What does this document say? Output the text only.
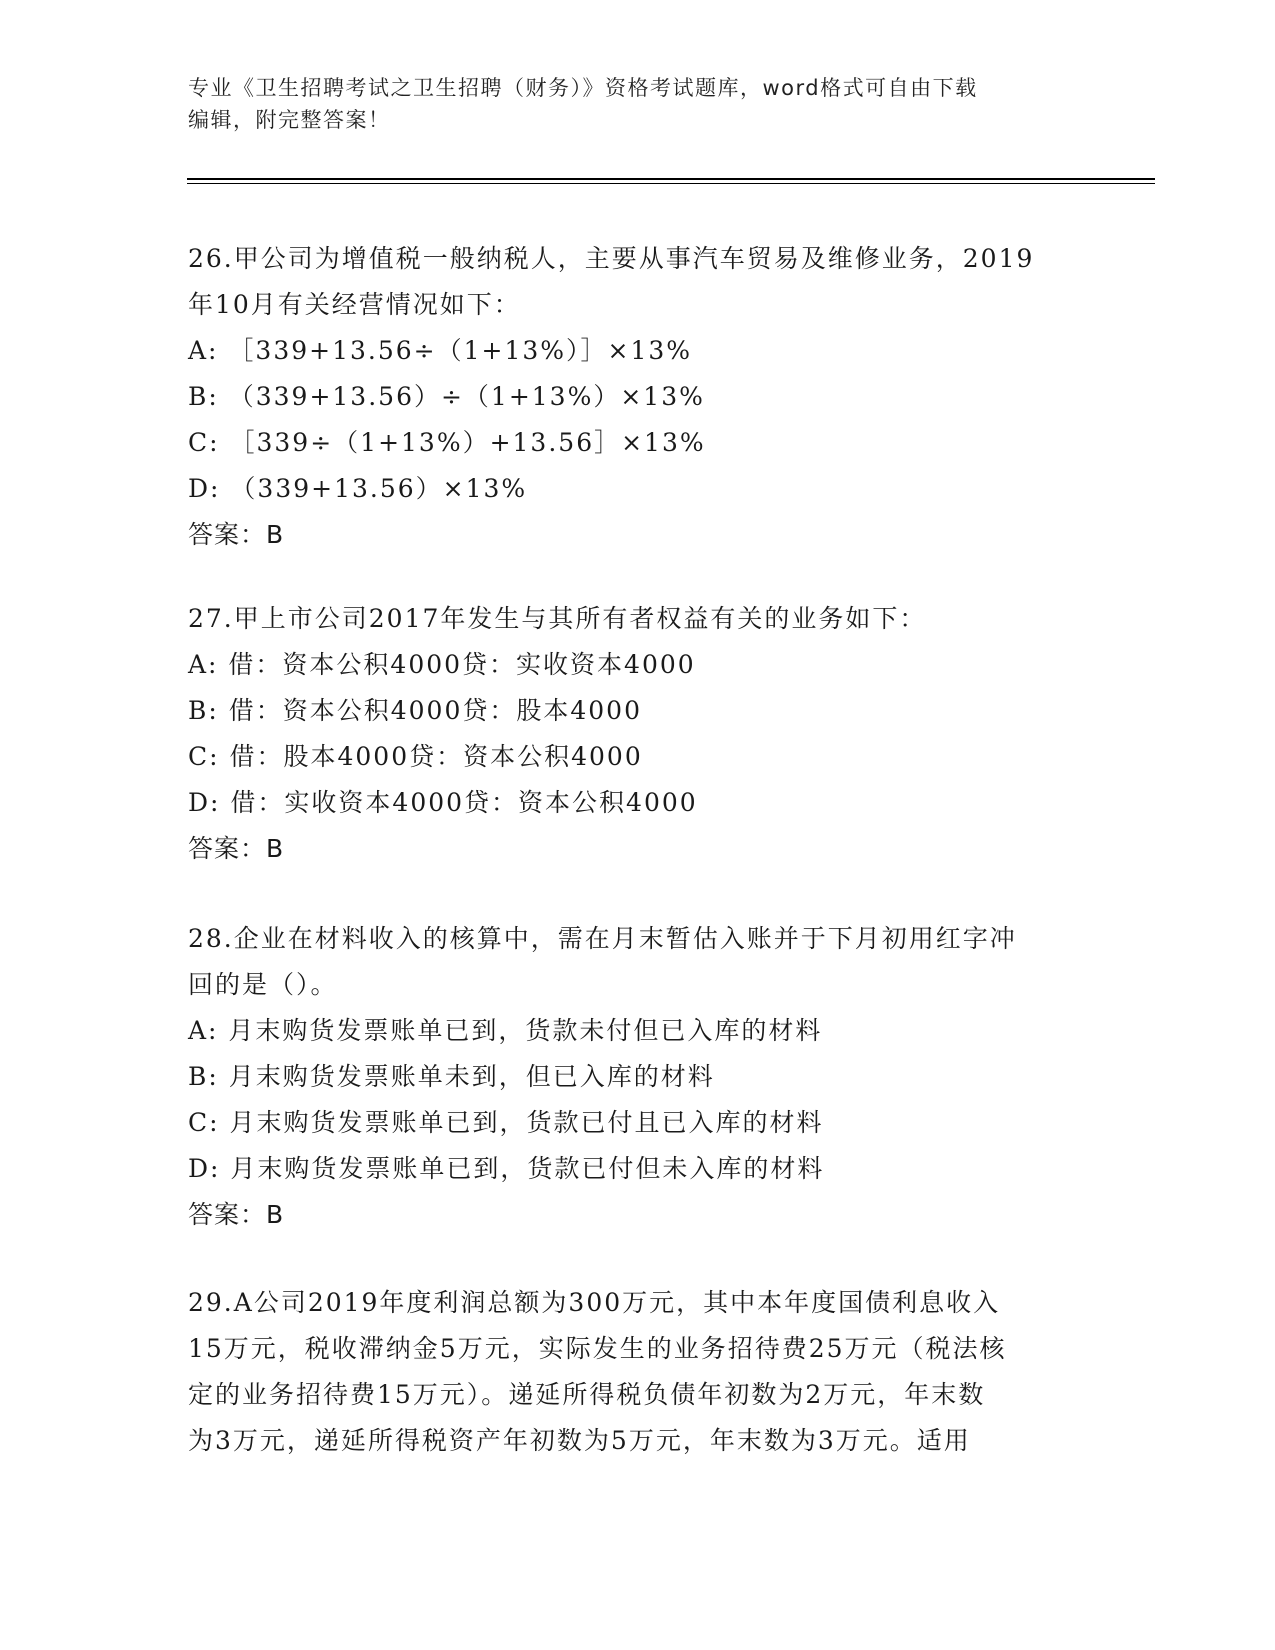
专业《卫生招聘考试之卫生招聘（财务）》资格考试题库，word格式可自由下载
编辑，附完整答案！
26.甲公司为增值税一般纳税人，主要从事汽车贸易及维修业务，2019
年10月有关经营情况如下：
A: ［339+13.56÷（1+13%）］×13%
B: （339+13.56）÷（1+13%）×13%
C: ［339÷（1+13%）+13.56］×13%
D: （339+13.56）×13%
答案：B
27.甲上市公司2017年发生与其所有者权益有关的业务如下：
A: 借：资本公积4000贷：实收资本4000
B: 借：资本公积4000贷：股本4000
C: 借：股本4000贷：资本公积4000
D: 借：实收资本4000贷：资本公积4000
答案：B
28.企业在材料收入的核算中，需在月末暂估入账并于下月初用红字冲
回的是（）。
A: 月末购货发票账单已到，货款未付但已入库的材料
B: 月末购货发票账单未到，但已入库的材料
C: 月末购货发票账单已到，货款已付且已入库的材料
D: 月末购货发票账单已到，货款已付但未入库的材料
答案：B
29.A公司2019年度利润总额为300万元，其中本年度国债利息收入
15万元，税收滞纳金5万元，实际发生的业务招待费25万元（税法核
定的业务招待费15万元）。递延所得税负债年初数为2万元，年末数
为3万元，递延所得税资产年初数为5万元，年末数为3万元。适用
